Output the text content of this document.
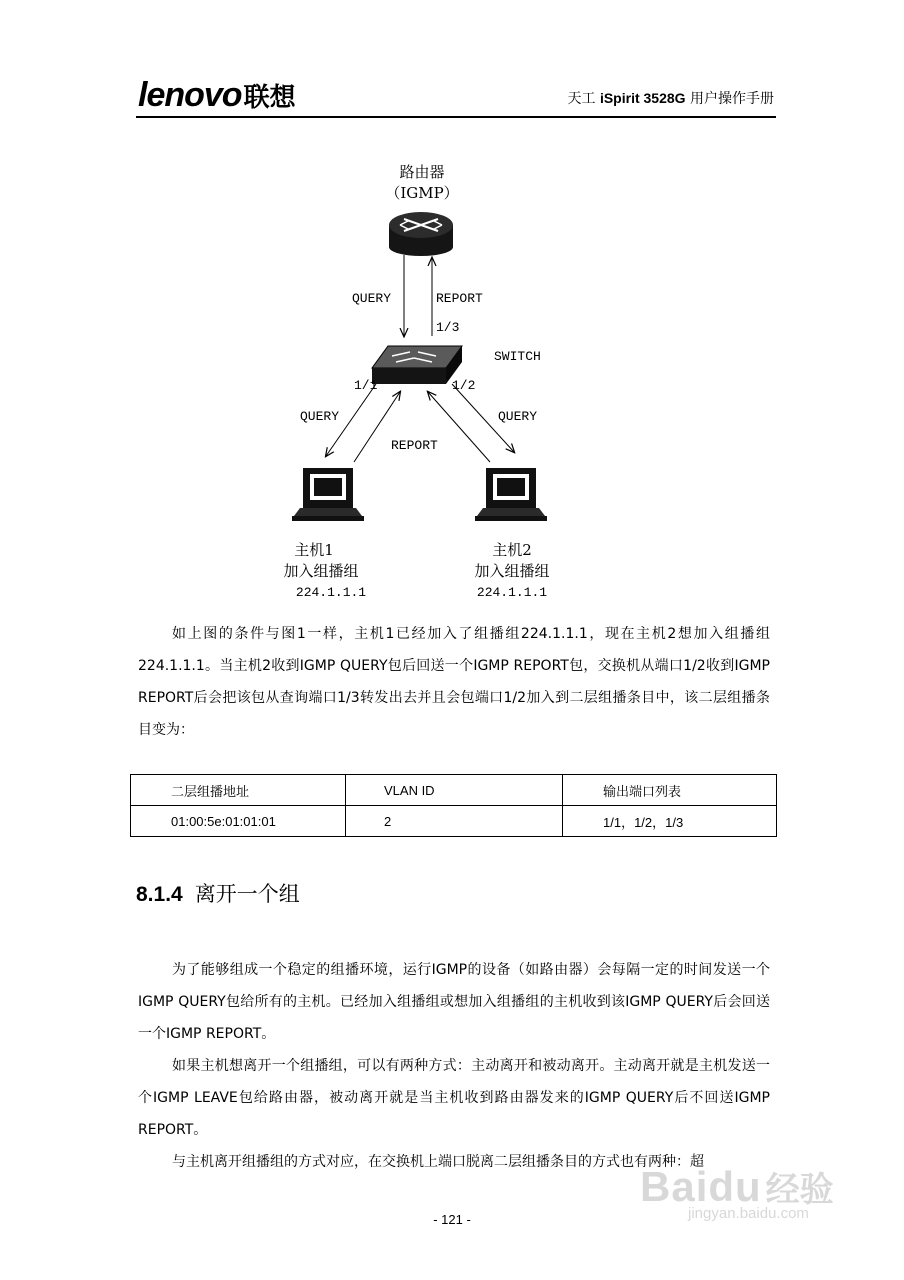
lenovo联想	天工 iSpirit 3528G 用户操作手册
路由器
（IGMP）
主机1
加入组播组
主机2
加入组播组
QUERY	REPORT
1/3
SWITCH
1/1	1/2
QUERY
REPORT
QUERY
224.1.1.1	224.1.1.1
如上图的条件与图1一样，主机1已经加入了组播组224.1.1.1，现在主机2想加入组播组224.1.1.1。当主机2收到IGMP QUERY包后回送一个IGMP REPORT包，交换机从端口1/2收到IGMP REPORT后会把该包从查询端口1/3转发出去并且会包端口1/2加入到二层组播条目中，该二层组播条目变为：
二层组播地址	VLAN ID	输出端口列表
01:00:5e:01:01:01	2	1/1，1/2，1/3
8.1.4 离开一个组
为了能够组成一个稳定的组播环境，运行IGMP的设备（如路由器）会每隔一定的时间发送一个IGMP QUERY包给所有的主机。已经加入组播组或想加入组播组的主机收到该IGMP QUERY后会回送一个IGMP REPORT。
如果主机想离开一个组播组，可以有两种方式：主动离开和被动离开。主动离开就是主机发送一个IGMP LEAVE包给路由器，被动离开就是当主机收到路由器发来的IGMP QUERY后不回送IGMP REPORT。
与主机离开组播组的方式对应，在交换机上端口脱离二层组播条目的方式也有两种：超
Baidu 经验
jingyan.baidu.com
- 121 -
